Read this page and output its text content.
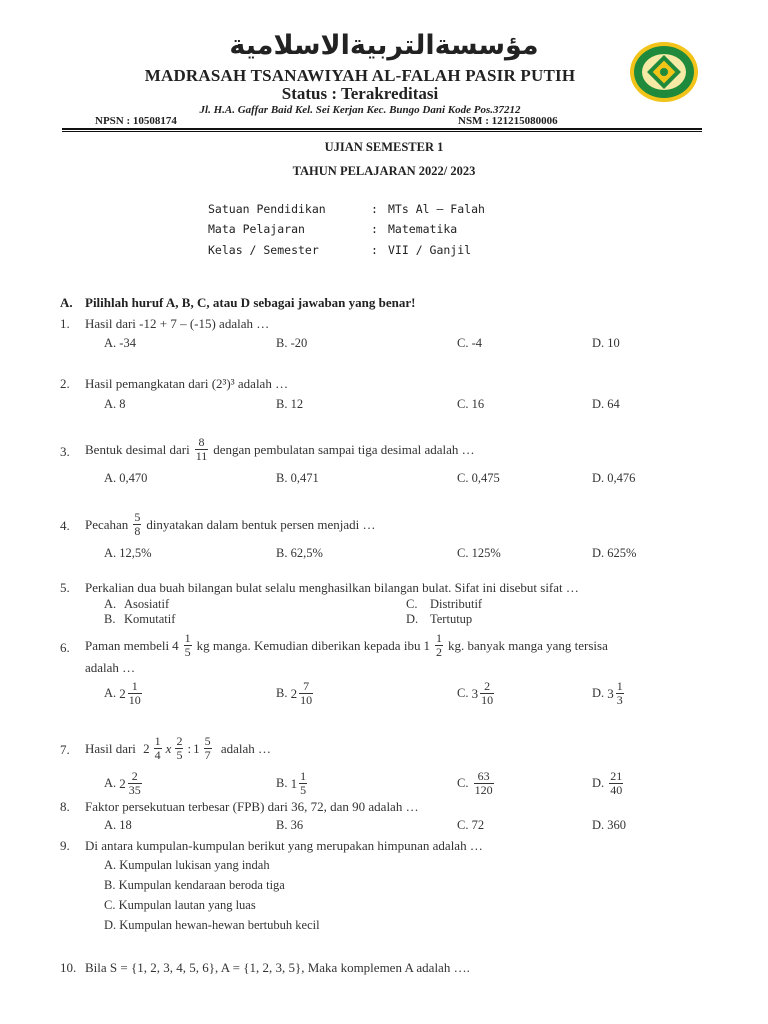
مؤسسةالتربيةالاسلامية
MADRASAH TSANAWIYAH AL-FALAH PASIR PUTIH
Status : Terakreditasi
Jl. H.A. Gaffar Baid Kel. Sei Kerjan Kec. Bungo Dani Kode Pos.37212
NPSN : 10508174	NSM : 121215080006
UJIAN SEMESTER 1
TAHUN PELAJARAN 2022/ 2023
Satuan Pendidikan	: MTs Al – Falah
Mata Pelajaran	: Matematika
Kelas / Semester	: VII / Ganjil
A. Pilihlah huruf A, B, C, atau D sebagai jawaban yang benar!
1. Hasil dari -12 + 7 – (-15) adalah …
A. -34	B. -20	C. -4	D. 10
2. Hasil pemangkatan dari (2³)³ adalah …
A. 8	B. 12	C. 16	D. 64
3. Bentuk desimal dari $\frac{8}{11}$ dengan pembulatan sampai tiga desimal adalah …
A. 0,470	B. 0,471	C. 0,475	D. 0,476
4. Pecahan $\frac{5}{8}$ dinyatakan dalam bentuk persen menjadi …
A. 12,5%	B. 62,5%	C. 125%	D. 625%
5. Perkalian dua buah bilangan bulat selalu menghasilkan bilangan bulat. Sifat ini disebut sifat …
A. Asosiatif
B. Komutatif
C. Distributif
D. Tertutup
6. Paman membeli $4 \frac{1}{5}$ kg manga. Kemudian diberikan kepada ibu $1 \frac{1}{2}$ kg. banyak manga yang tersisa
adalah …
A.
$2 \frac{1}{10}$	B.
$2 \frac{7}{10}$	C.
$3 \frac{2}{10}$	D.
$3 \frac{1}{3}$
7. Hasil dari
$2 \frac{1}{4}$ x $\frac{2}{5}$ : $1 \frac{5}{7}$
adalah …
A.
$2 \frac{2}{35}$	B.
$1 \frac{1}{5}$	C.
$\frac{63}{120}$	D.
$\frac{21}{40}$
8. Faktor persekutuan terbesar (FPB) dari 36, 72, dan 90 adalah …
A. 18	B. 36	C. 72	D. 360
9. Di antara kumpulan-kumpulan berikut yang merupakan himpunan adalah …
A. Kumpulan lukisan yang indah
B. Kumpulan kendaraan beroda tiga
C. Kumpulan lautan yang luas
D. Kumpulan hewan-hewan bertubuh kecil
10. Bila S = {1, 2, 3, 4, 5, 6}, A = {1, 2, 3, 5}, Maka komplemen A adalah ….
